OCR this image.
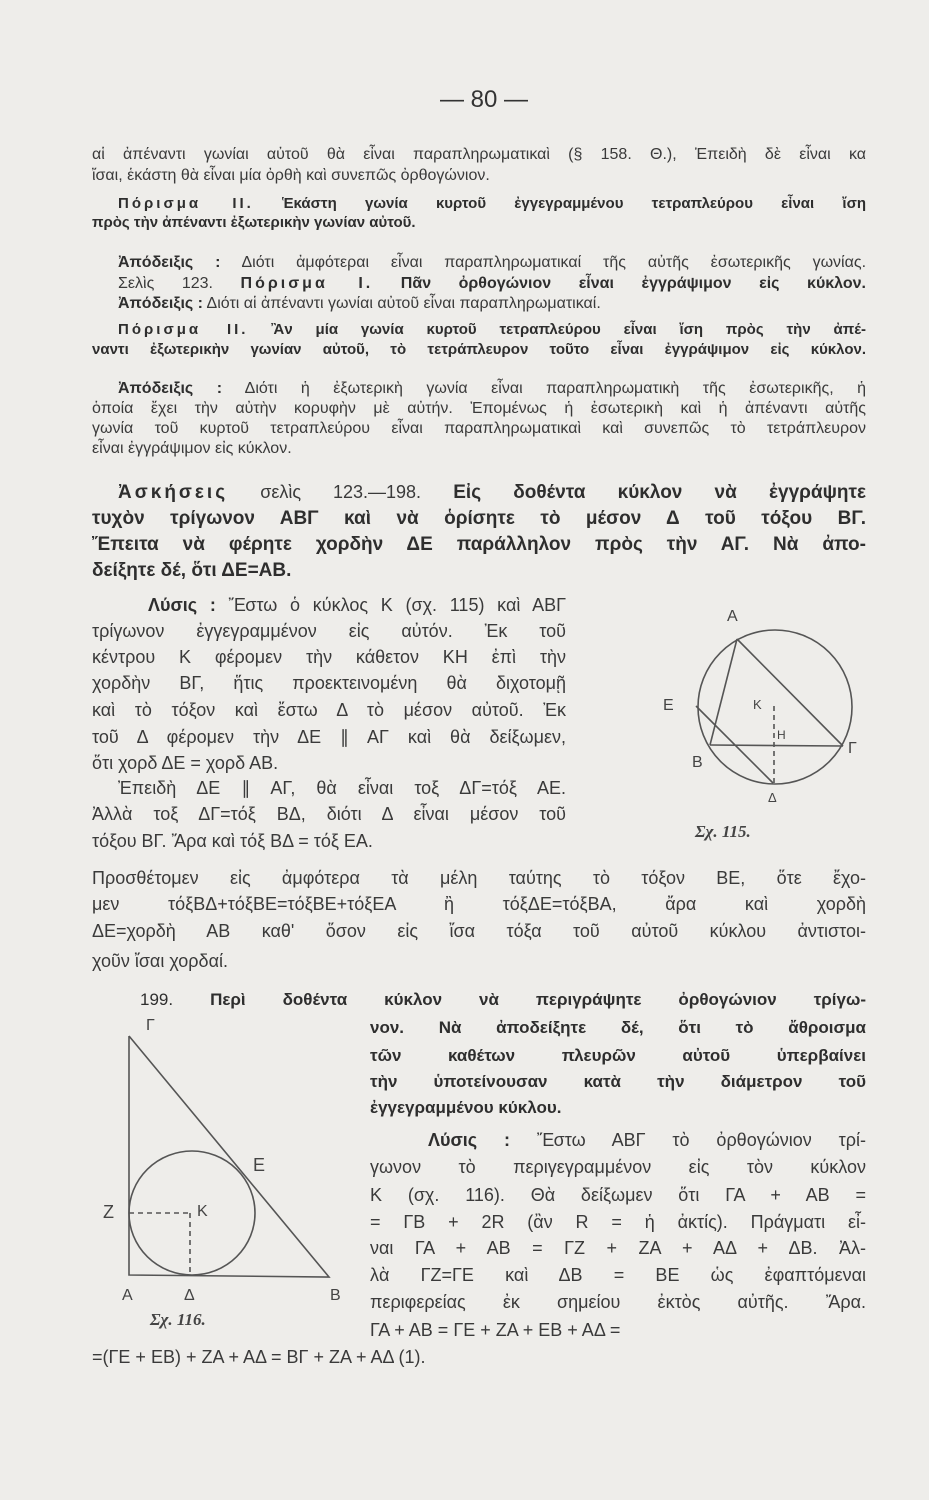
— 80 —
αἱ ἀπέναντι γωνίαι αὐτοῦ θὰ εἶναι παραπληρωματικαὶ (§ 158. Θ.), Ἐπειδὴ δὲ εἶναι κα
ἴσαι, ἑκάστη θὰ εἶναι μία ὀρθὴ καὶ συνεπῶς ὀρθογώνιον.
Πόρισμα II. Ἑκάστη γωνία κυρτοῦ ἐγγεγραμμένου τετραπλεύρου εἶναι ἴση
πρὸς τὴν ἀπέναντι ἐξωτερικὴν γωνίαν αὐτοῦ.
Ἀπόδειξις : Διότι ἀμφότεραι εἶναι παραπληρωματικαί τῆς αὐτῆς ἐσωτερικῆς γωνίας.
Σελὶς 123. Πόρισμα I. Πᾶν ὀρθογώνιον εἶναι ἐγγράψιμον εἰς κύκλον.
Ἀπόδειξις : Διότι αἱ ἀπέναντι γωνίαι αὐτοῦ εἶναι παραπληρωματικαί.
Πόρισμα II. Ἂν μία γωνία κυρτοῦ τετραπλεύρου εἶναι ἴση πρὸς τὴν ἀπέ-
ναντι ἐξωτερικὴν γωνίαν αὐτοῦ, τὸ τετράπλευρον τοῦτο εἶναι ἐγγράψιμον εἰς κύκλον.
Ἀπόδειξις : Διότι ἡ ἐξωτερικὴ γωνία εἶναι παραπληρωματικὴ τῆς ἐσωτερικῆς, ἡ
ὁποία ἔχει τὴν αὐτὴν κορυφὴν μὲ αὐτήν. Ἐπομένως ἡ ἐσωτερικὴ καὶ ἡ ἀπέναντι αὐτῆς
γωνία τοῦ κυρτοῦ τετραπλεύρου εἶναι παραπληρωματικαὶ καὶ συνεπῶς τὸ τετράπλευρον
εἶναι ἐγγράψιμον εἰς κύκλον.
Ἀσκήσεις σελὶς 123.—198. Εἰς δοθέντα κύκλον νὰ ἐγγράψητε
τυχὸν τρίγωνον ΑΒΓ καὶ νὰ ὁρίσητε τὸ μέσον Δ τοῦ τόξου ΒΓ.
Ἔπειτα νὰ φέρητε χορδὴν ΔΕ παράλληλον πρὸς τὴν ΑΓ. Νὰ ἀπο-
δείξητε δέ, ὅτι ΔΕ=ΑΒ.
Λύσις : Ἔστω ὁ κύκλος Κ (σχ. 115) καὶ ΑΒΓ
τρίγωνον ἐγγεγραμμένον εἰς αὐτόν. Ἐκ τοῦ
κέντρου Κ φέρομεν τὴν κάθετον ΚΗ ἐπὶ τὴν
χορδὴν ΒΓ, ἥτις προεκτεινομένη θὰ διχοτομῇ
καὶ τὸ τόξον καὶ ἔστω Δ τὸ μέσον αὐτοῦ. Ἐκ
τοῦ Δ φέρομεν τὴν ΔΕ ∥ ΑΓ καὶ θὰ δείξωμεν,
ὅτι χορδ ΔΕ = χορδ ΑΒ.
Ἐπειδὴ ΔΕ ∥ ΑΓ, θὰ εἶναι τοξ ΔΓ=τόξ ΑΕ.
Ἀλλὰ τοξ ΔΓ=τόξ ΒΔ, διότι Δ εἶναι μέσον τοῦ
τόξου ΒΓ. Ἄρα καὶ τόξ ΒΔ = τόξ ΕΑ.
Προσθέτομεν εἰς ἀμφότερα τὰ μέλη ταύτης τὸ τόξον ΒΕ, ὅτε ἔχο-
μεν τόξΒΔ+τόξΒΕ=τόξΒΕ+τόξΕΑ ἢ τόξΔΕ=τόξΒΑ, ἄρα καὶ χορδὴ
ΔΕ=χορδὴ ΑΒ καθ' ὅσον εἰς ἴσα τόξα τοῦ αὐτοῦ κύκλου ἀντιστοι-
χοῦν ἴσαι χορδαί.
Α
Ε	Κ
Η
Β
Γ
Δ
Σχ. 115.
199. Περὶ δοθέντα κύκλον νὰ περιγράψητε ὀρθογώνιον τρίγω-
νον. Νὰ ἀποδείξητε δέ, ὅτι τὸ ἄθροισμα
τῶν καθέτων πλευρῶν αὐτοῦ ὑπερβαίνει
τὴν ὑποτείνουσαν κατὰ τὴν διάμετρον τοῦ
ἐγγεγραμμένου κύκλου.
Λύσις : Ἔστω ΑΒΓ τὸ ὀρθογώνιον τρί-
γωνον τὸ περιγεγραμμένον εἰς τὸν κύκλον
Κ (σχ. 116). Θὰ δείξωμεν ὅτι ΓΑ + ΑΒ =
= ΓΒ + 2R (ἂν R = ἡ ἀκτίς). Πράγματι εἶ-
ναι ΓΑ + ΑΒ = ΓΖ + ΖΑ + ΑΔ + ΔΒ. Ἀλ-
λὰ ΓΖ=ΓΕ καὶ ΔΒ = ΒΕ ὡς ἐφαπτόμεναι
περιφερείας ἐκ σημείου ἐκτὸς αὐτῆς. Ἄρα.
ΓΑ + ΑΒ = ΓΕ + ΖΑ + ΕΒ + ΑΔ =
=(ΓΕ + ΕΒ) + ΖΑ + ΑΔ = ΒΓ + ΖΑ + ΑΔ (1).
Γ
Ε
Ζ	Κ
Α	Δ	Β
Σχ. 116.
